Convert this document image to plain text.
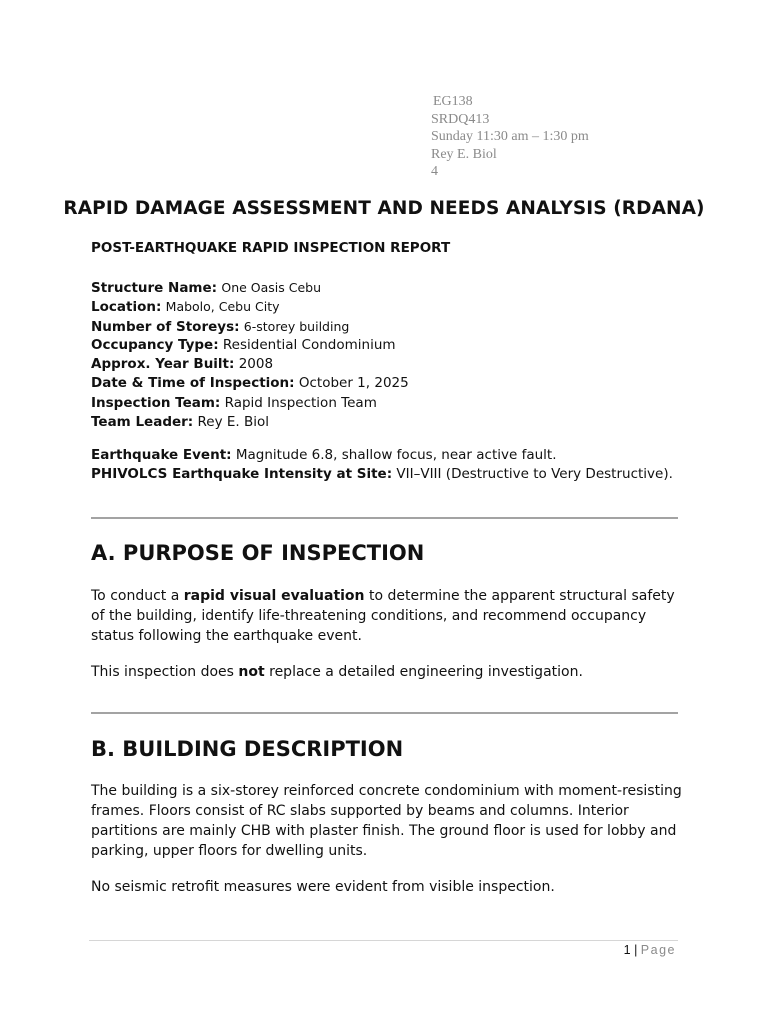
EG138
SRDQ413
Sunday 11:30 am – 1:30 pm
Rey E. Biol
4
RAPID DAMAGE ASSESSMENT AND NEEDS ANALYSIS (RDANA)
POST-EARTHQUAKE RAPID INSPECTION REPORT
Structure Name: One Oasis Cebu
Location: Mabolo, Cebu City
Number of Storeys: 6-storey building
Occupancy Type: Residential Condominium
Approx. Year Built: 2008
Date & Time of Inspection: October 1, 2025
Inspection Team: Rapid Inspection Team
Team Leader: Rey E. Biol
Earthquake Event: Magnitude 6.8, shallow focus, near active fault.
PHIVOLCS Earthquake Intensity at Site: VII–VIII (Destructive to Very Destructive).
A. PURPOSE OF INSPECTION
To conduct a rapid visual evaluation to determine the apparent structural safety of the building, identify life-threatening conditions, and recommend occupancy status following the earthquake event.
This inspection does not replace a detailed engineering investigation.
B. BUILDING DESCRIPTION
The building is a six-storey reinforced concrete condominium with moment-resisting frames. Floors consist of RC slabs supported by beams and columns. Interior partitions are mainly CHB with plaster finish. The ground floor is used for lobby and parking, upper floors for dwelling units.
No seismic retrofit measures were evident from visible inspection.
1 | Page
